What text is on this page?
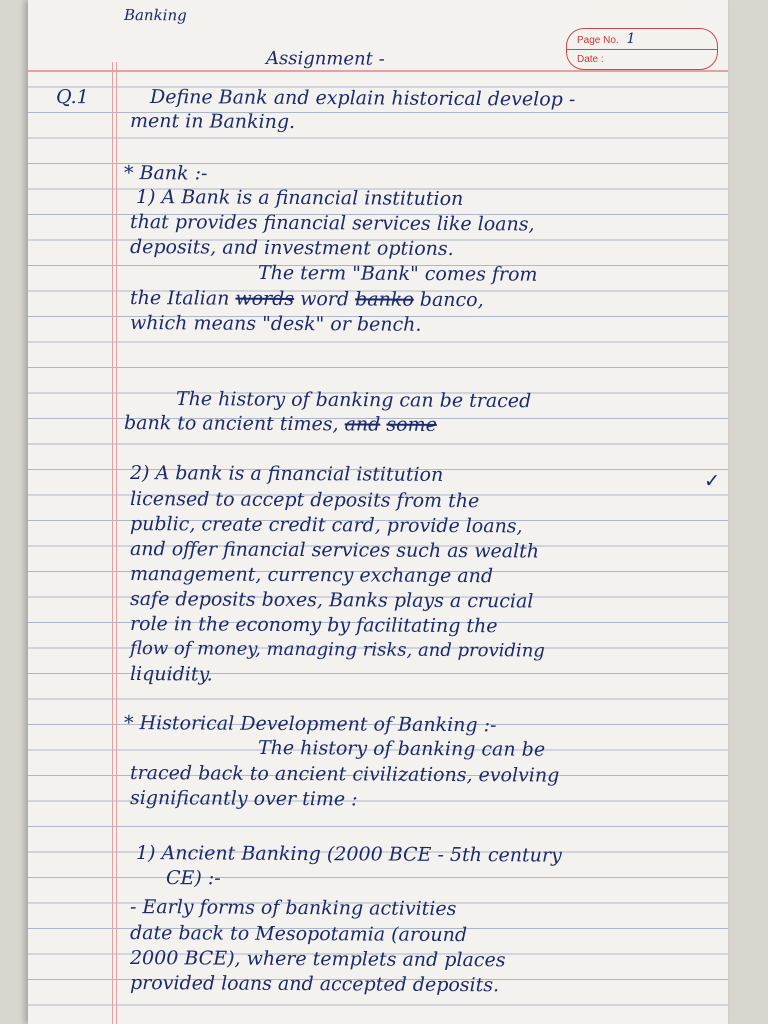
Page No. 1
Date :
Banking
Assignment -
Q.1	Define Bank and explain historical develop -
ment in Banking.
* Bank :-
1) A Bank is a financial institution
that provides financial services like loans,
deposits, and investment options.
The term "Bank" comes from
the Italian words word banko banco,
which means "desk" or bench.
The history of banking can be traced
bank to ancient times, and some
2) A bank is a financial istitution	✓
licensed to accept deposits from the
public, create credit card, provide loans,
and offer financial services such as wealth
management, currency exchange and
safe deposits boxes, Banks plays a crucial
role in the economy by facilitating the
flow of money, managing risks, and providing
liquidity.
* Historical Development of Banking :-
The history of banking can be
traced back to ancient civilizations, evolving
significantly over time :
1) Ancient Banking (2000 BCE - 5th century
CE) :-
- Early forms of banking activities
date back to Mesopotamia (around
2000 BCE), where templets and places
provided loans and accepted deposits.
